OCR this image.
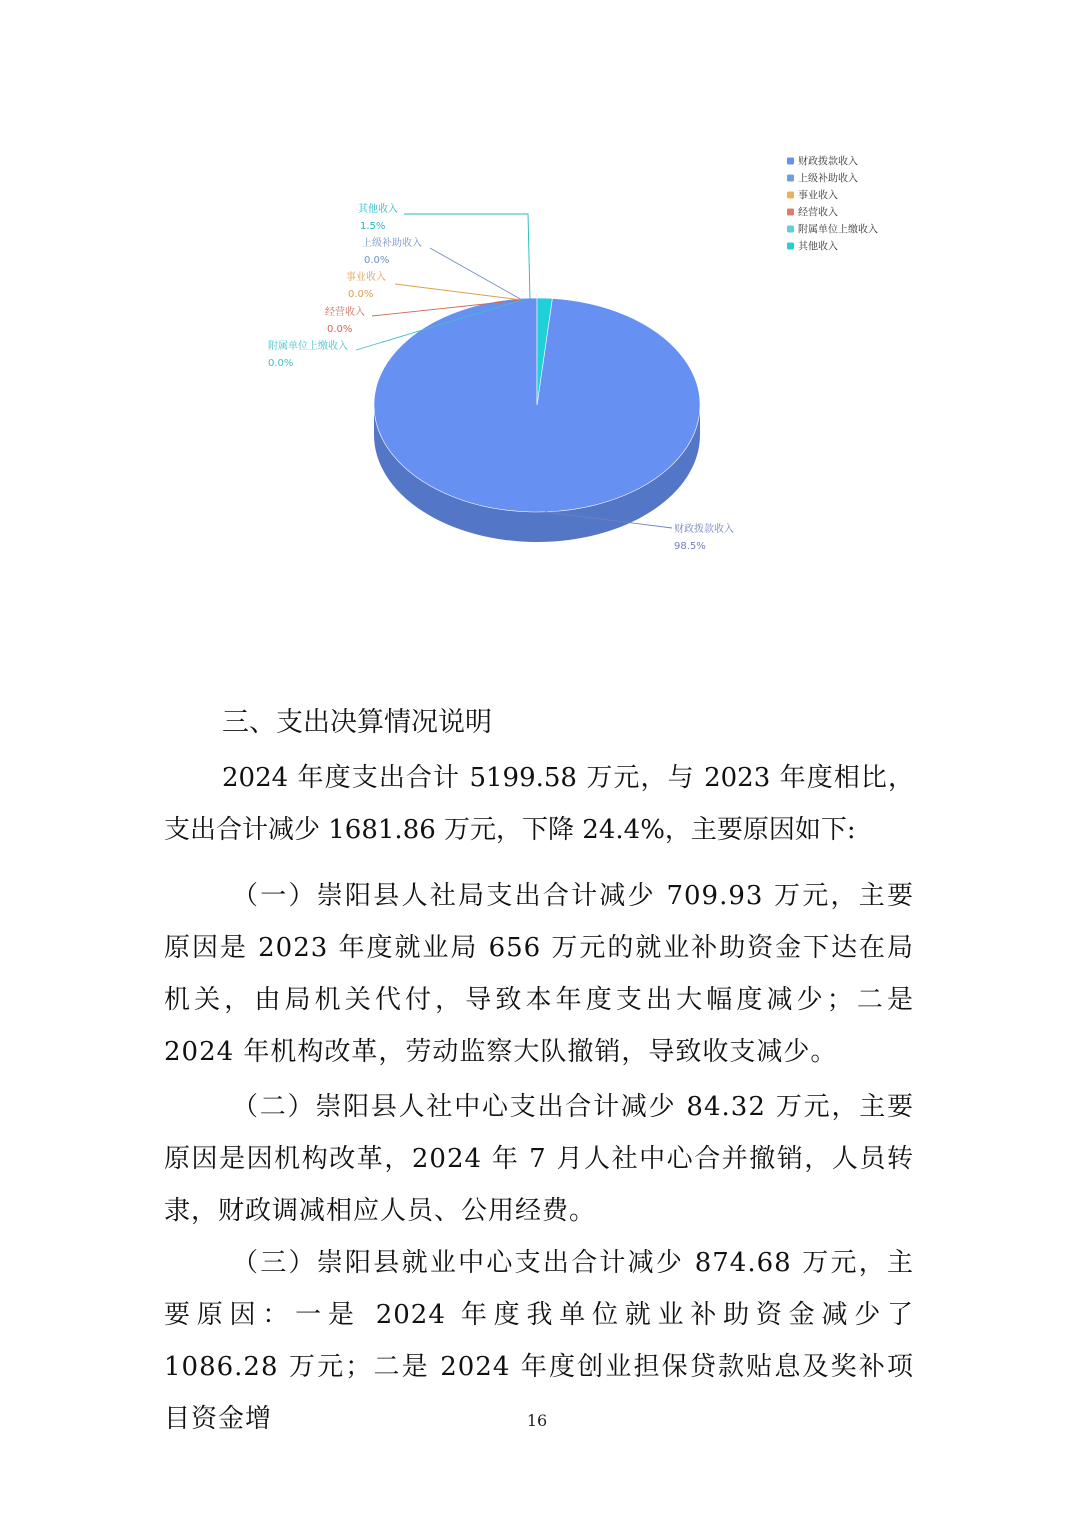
其他收入
1.5%
上级补助收入
0.0%
事业收入
0.0%
经营收入
0.0%
附属单位上缴收入
0.0%
财政拨款收入
98.5%
财政拨款收入
上级补助收入
事业收入
经营收入
附属单位上缴收入
其他收入
三、支出决算情况说明

2024 年度支出合计 5199.58 万元，与 2023 年度相比，支出合计减少 1681.86 万元，下降 24.4%，主要原因如下:

（一）崇阳县人社局支出合计减少 709.93 万元，主要原因是 2023 年度就业局 656 万元的就业补助资金下达在局机关，由局机关代付，导致本年度支出大幅度减少；二是 2024 年机构改革，劳动监察大队撤销，导致收支减少。

（二）崇阳县人社中心支出合计减少 84.32 万元，主要原因是因机构改革，2024 年 7 月人社中心合并撤销，人员转隶，财政调减相应人员、公用经费。

（三）崇阳县就业中心支出合计减少 874.68 万元，主要原因：一是 2024 年度我单位就业补助资金减少了 1086.28 万元；二是 2024 年度创业担保贷款贴息及奖补项目资金增	16
